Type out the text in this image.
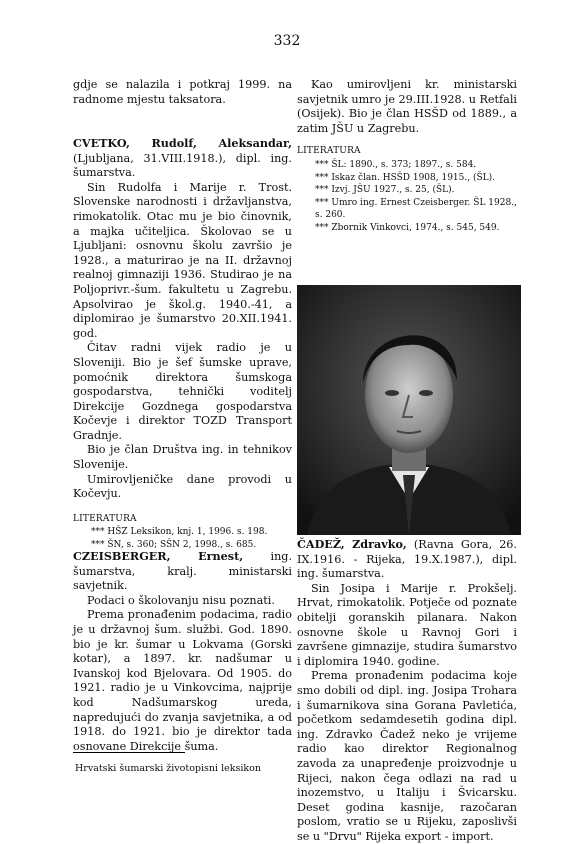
332

gdje se nalazila i potkraj 1999. na radnome mjestu taksatora.

CVETKO, Rudolf, Aleksandar, (Ljubljana, 31.VIII.1918.), dipl. ing. šumarstva.

Sin Rudolfa i Marije r. Trost. Slovenske narodnosti i državljanstva, rimokatolik. Otac mu je bio činovnik, a majka učiteljica. Školovao se u Ljubljani: osnovnu školu završio je 1928., a maturirao je na II. državnoj realnoj gimnaziji 1936. Studirao je na Poljoprivr.-šum. fakultetu u Zagrebu. Apsolvirao je škol.g. 1940.-41, a diplomirao je šumarstvo 20.XII.1941. god.

Čitav radni vijek radio je u Sloveniji. Bio je šef šumske uprave, pomoćnik direktora šumskoga gospodarstva, tehnički voditelj Direkcije Gozdnega gospodarstva Kočevje i direktor TOZD Transport Gradnje.

Bio je član Društva ing. in tehnikov Slovenije.

Umirovljeničke dane provodi u Kočevju.

LITERATURA

*** HŠZ Leksikon, knj. 1, 1996. s. 198.

*** ŠN, s. 360; SŠN 2, 1998., s. 685.

CZEISBERGER, Ernest, ing. šumarstva, kralj. ministarski savjetnik.

Podaci o školovanju nisu poznati.

Prema pronađenim podacima, radio je u državnoj šum. službi. God. 1890. bio je kr. šumar u Lokvama (Gorski kotar), a 1897. kr. nadšumar u Ivanskoj kod Bjelovara. Od 1905. do 1921. radio je u Vinkovcima, najprije kod Nadšumarskog ureda, napredujući do zvanja savjetnika, a od 1918. do 1921. bio je direktor tada osnovane Direkcije šuma.

Kao umirovljeni kr. ministarski savjetnik umro je 29.III.1928. u Retfali (Osijek). Bio je član HSŠD od 1889., a zatim JŠU u Zagrebu.

LITERATURA

*** ŠL: 1890., s. 373; 1897., s. 584.

*** Iskaz član. HSŠD 1908, 1915., (ŠL).

*** Izvj. JŠU 1927., s. 25, (ŠL).

*** Umro ing. Ernest Czeisberger. ŠL 1928., s. 260.

*** Zbornik Vinkovci, 1974., s. 545, 549.

ČADEŽ, Zdravko, (Ravna Gora, 26. IX.1916. - Rijeka, 19.X.1987.), dipl. ing. šumarstva.

Sin Josipa i Marije r. Prokšelj. Hrvat, rimokatolik. Potječe od poznate obitelji goranskih pilanara. Nakon osnovne škole u Ravnoj Gori i završene gimnazije, studira šumarstvo i diplomira 1940. godine.

Prema pronađenim podacima koje smo dobili od dipl. ing. Josipa Trohara i šumarnikova sina Gorana Pavletića, početkom sedamdesetih godina dipl. ing. Zdravko Čadež neko je vrijeme radio kao direktor Regionalnog zavoda za unapređenje proizvodnje u Rijeci, nakon čega odlazi na rad u inozemstvo, u Italiju i Švicarsku. Deset godina kasnije, razočaran poslom, vratio se u Rijeku, zaposlivši se u "Drvu" Rijeka export - import.

Hrvatski šumarski životopisni leksikon
